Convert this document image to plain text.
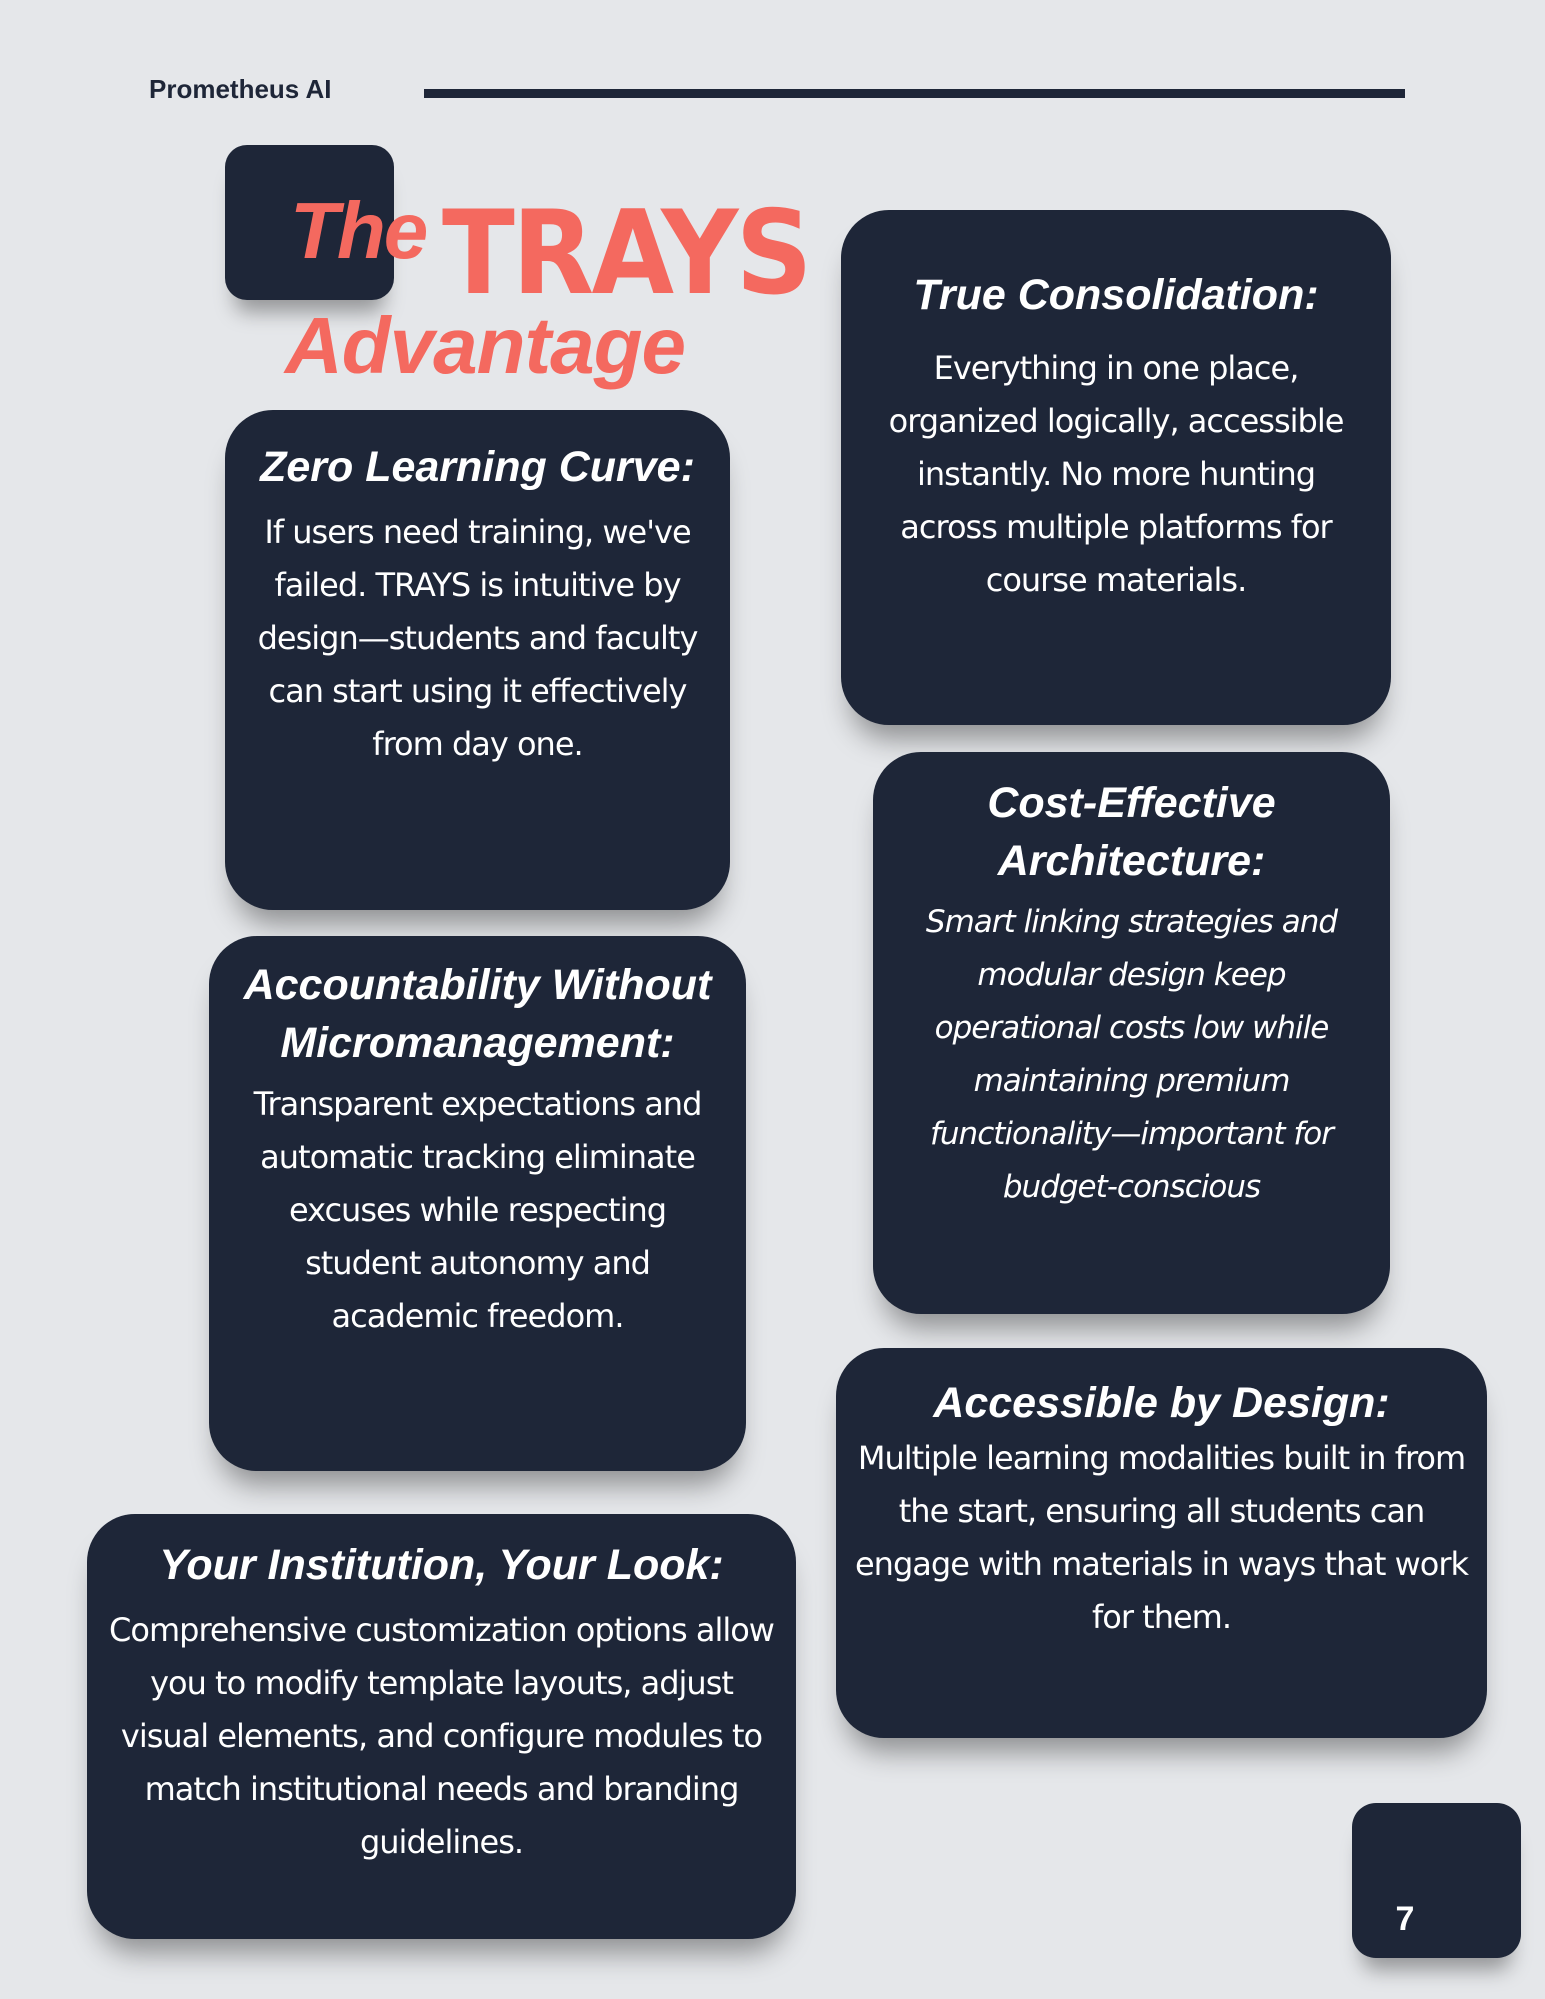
Prometheus AI
The TRAYS
Advantage
True Consolidation:

Everything in one place, organized logically, accessible instantly. No more hunting across multiple platforms for course materials.

Zero Learning Curve:

If users need training, we've failed. TRAYS is intuitive by design—students and faculty can start using it effectively from day one.

Cost-Effective Architecture:

Smart linking strategies and modular design keep operational costs low while maintaining premium functionality—important for budget-conscious

Accountability Without Micromanagement:

Transparent expectations and automatic tracking eliminate excuses while respecting student autonomy and academic freedom.

Accessible by Design:

Multiple learning modalities built in from the start, ensuring all students can engage with materials in ways that work for them.

Your Institution, Your Look:

Comprehensive customization options allow you to modify template layouts, adjust visual elements, and configure modules to match institutional needs and branding guidelines.

7
